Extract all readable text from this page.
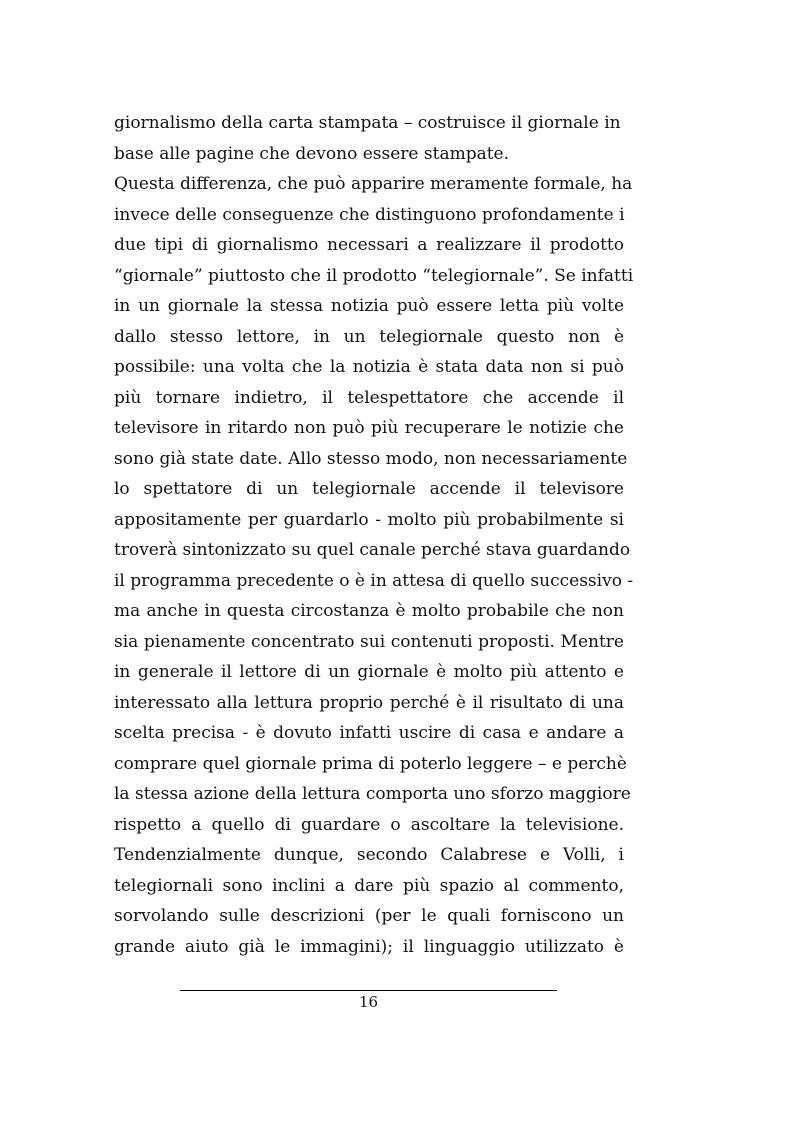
giornalismo della carta stampata – costruisce il giornale in
base alle pagine che devono essere stampate.
Questa differenza, che può apparire meramente formale, ha
invece delle conseguenze che distinguono profondamente i
due tipi di giornalismo necessari a realizzare il prodotto
“giornale” piuttosto che il prodotto “telegiornale”. Se infatti
in un giornale la stessa notizia può essere letta più volte
dallo stesso lettore, in un telegiornale questo non è
possibile: una volta che la notizia è stata data non si può
più tornare indietro, il telespettatore che accende il
televisore in ritardo non può più recuperare le notizie che
sono già state date. Allo stesso modo, non necessariamente
lo spettatore di un telegiornale accende il televisore
appositamente per guardarlo - molto più probabilmente si
troverà sintonizzato su quel canale perché stava guardando
il programma precedente o è in attesa di quello successivo -
ma anche in questa circostanza è molto probabile che non
sia pienamente concentrato sui contenuti proposti. Mentre
in generale il lettore di un giornale è molto più attento e
interessato alla lettura proprio perché è il risultato di una
scelta precisa - è dovuto infatti uscire di casa e andare a
comprare quel giornale prima di poterlo leggere – e perchè
la stessa azione della lettura comporta uno sforzo maggiore
rispetto a quello di guardare o ascoltare la televisione.
Tendenzialmente dunque, secondo Calabrese e Volli, i
telegiornali sono inclini a dare più spazio al commento,
sorvolando sulle descrizioni (per le quali forniscono un
grande aiuto già le immagini); il linguaggio utilizzato è
16
